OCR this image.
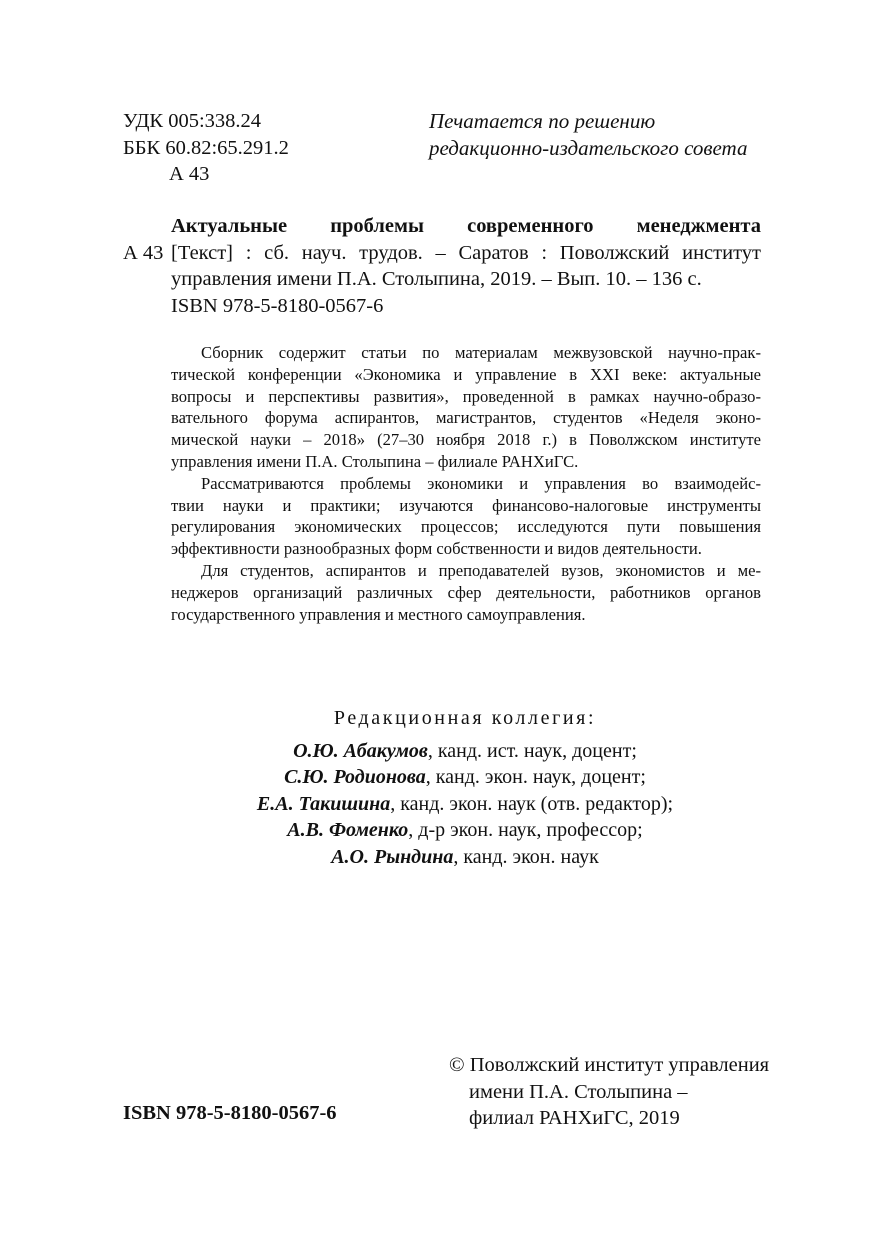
УДК 005:338.24
ББК 60.82:65.291.2
А 43
Печатается по решению
редакционно-издательского совета
А 43
Актуальные проблемы современного менеджмента
[Текст] : сб. науч. трудов. – Саратов : Поволжский институт
управления имени П.А. Столыпина, 2019. – Вып. 10. – 136 с.
ISBN 978-5-8180-0567-6
Сборник содержит статьи по материалам межвузовской научно-прак-
тической конференции «Экономика и управление в XXI веке: актуальные
вопросы и перспективы развития», проведенной в рамках научно-образо-
вательного форума аспирантов, магистрантов, студентов «Неделя эконо-
мической науки – 2018» (27–30 ноября 2018 г.) в Поволжском институте
управления имени П.А. Столыпина – филиале РАНХиГС.
Рассматриваются проблемы экономики и управления во взаимодейс-
твии науки и практики; изучаются финансово-налоговые инструменты
регулирования экономических процессов; исследуются пути повышения
эффективности разнообразных форм собственности и видов деятельности.
Для студентов, аспирантов и преподавателей вузов, экономистов и ме-
неджеров организаций различных сфер деятельности, работников органов
государственного управления и местного самоуправления.
Редакционная коллегия:
О.Ю. Абакумов, канд. ист. наук, доцент;
С.Ю. Родионова, канд. экон. наук, доцент;
Е.А. Такишина, канд. экон. наук (отв. редактор);
А.В. Фоменко, д-р экон. наук, профессор;
А.О. Рындина, канд. экон. наук
ISBN 978-5-8180-0567-6
© Поволжский институт управления
имени П.А. Столыпина –
филиал РАНХиГС, 2019
